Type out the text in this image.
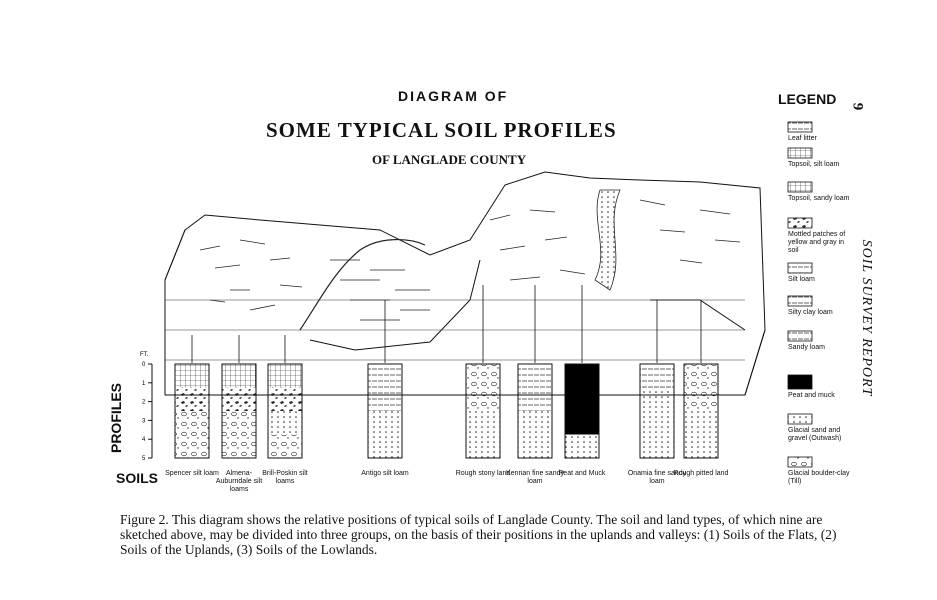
DIAGRAM OF
SOME TYPICAL SOIL PROFILES
OF LANGLADE COUNTY
LEGEND 9
SOIL SURVEY REPORT
PROFILES
SOILS
FT.
0
1
2
3
4
5
Spencer silt loam	Almena-Auburndale silt loams
Brill-Poskin silt loams
Antigo silt loam	Rough stony land
Kennan fine sandy loam
Peat and Muck	Onamia fine sandy loam
Rough pitted land
Leaf litter
Topsoil, silt loam
Topsoil, sandy loam
Mottled patches of yellow and gray in soil
Silt loam
Silty clay loam
Sandy loam
Peat and muck
Glacial sand and gravel (Outwash)
Glacial boulder-clay (Till)
Figure 2. This diagram shows the relative positions of typical soils of Langlade County. The soil and land types, of which nine are sketched above, may be divided into three groups, on the basis of their positions in the uplands and valleys: (1) Soils of the Flats, (2) Soils of the Uplands, (3) Soils of the Lowlands.
